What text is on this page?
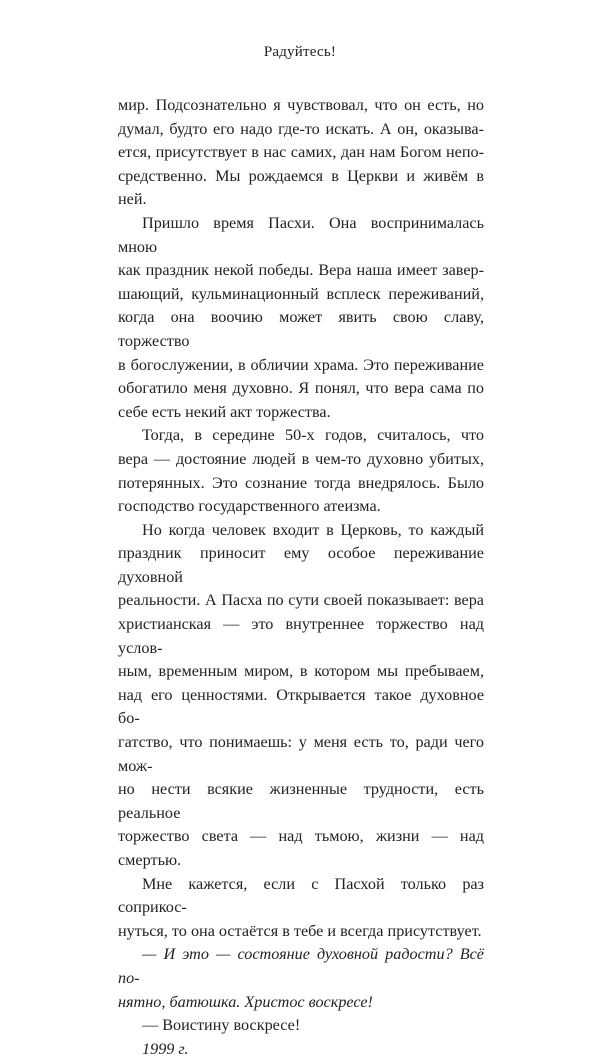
Радуйтесь!

мир. Подсознательно я чувствовал, что он есть, но

думал, будто его надо где-то искать. А он, оказыва-

ется, присутствует в нас самих, дан нам Богом непо-

средственно. Мы рождаемся в Церкви и живём в ней.

Пришло время Пасхи. Она воспринималась мною

как праздник некой победы. Вера наша имеет завер-

шающий, кульминационный всплеск переживаний,

когда она воочию может явить свою славу, торжество

в богослужении, в обличии храма. Это переживание

обогатило меня духовно. Я понял, что вера сама по

себе есть некий акт торжества.

Тогда, в середине 50-х годов, считалось, что

вера — достояние людей в чем-то духовно убитых,

потерянных. Это сознание тогда внедрялось. Было

господство государственного атеизма.

Но когда человек входит в Церковь, то каждый

праздник приносит ему особое переживание духовной

реальности. А Пасха по сути своей показывает: вера

христианская — это внутреннее торжество над услов-

ным, временным миром, в котором мы пребываем,

над его ценностями. Открывается такое духовное бо-

гатство, что понимаешь: у меня есть то, ради чего мож-

но нести всякие жизненные трудности, есть реальное

торжество света — над тьмою, жизни — над смертью.

Мне кажется, если с Пасхой только раз соприкос-

нуться, то она остаётся в тебе и всегда присутствует.

— И это — состояние духовной радости? Всё по-

нятно, батюшка. Христос воскресе!

— Воистину воскресе!

1999 г.
